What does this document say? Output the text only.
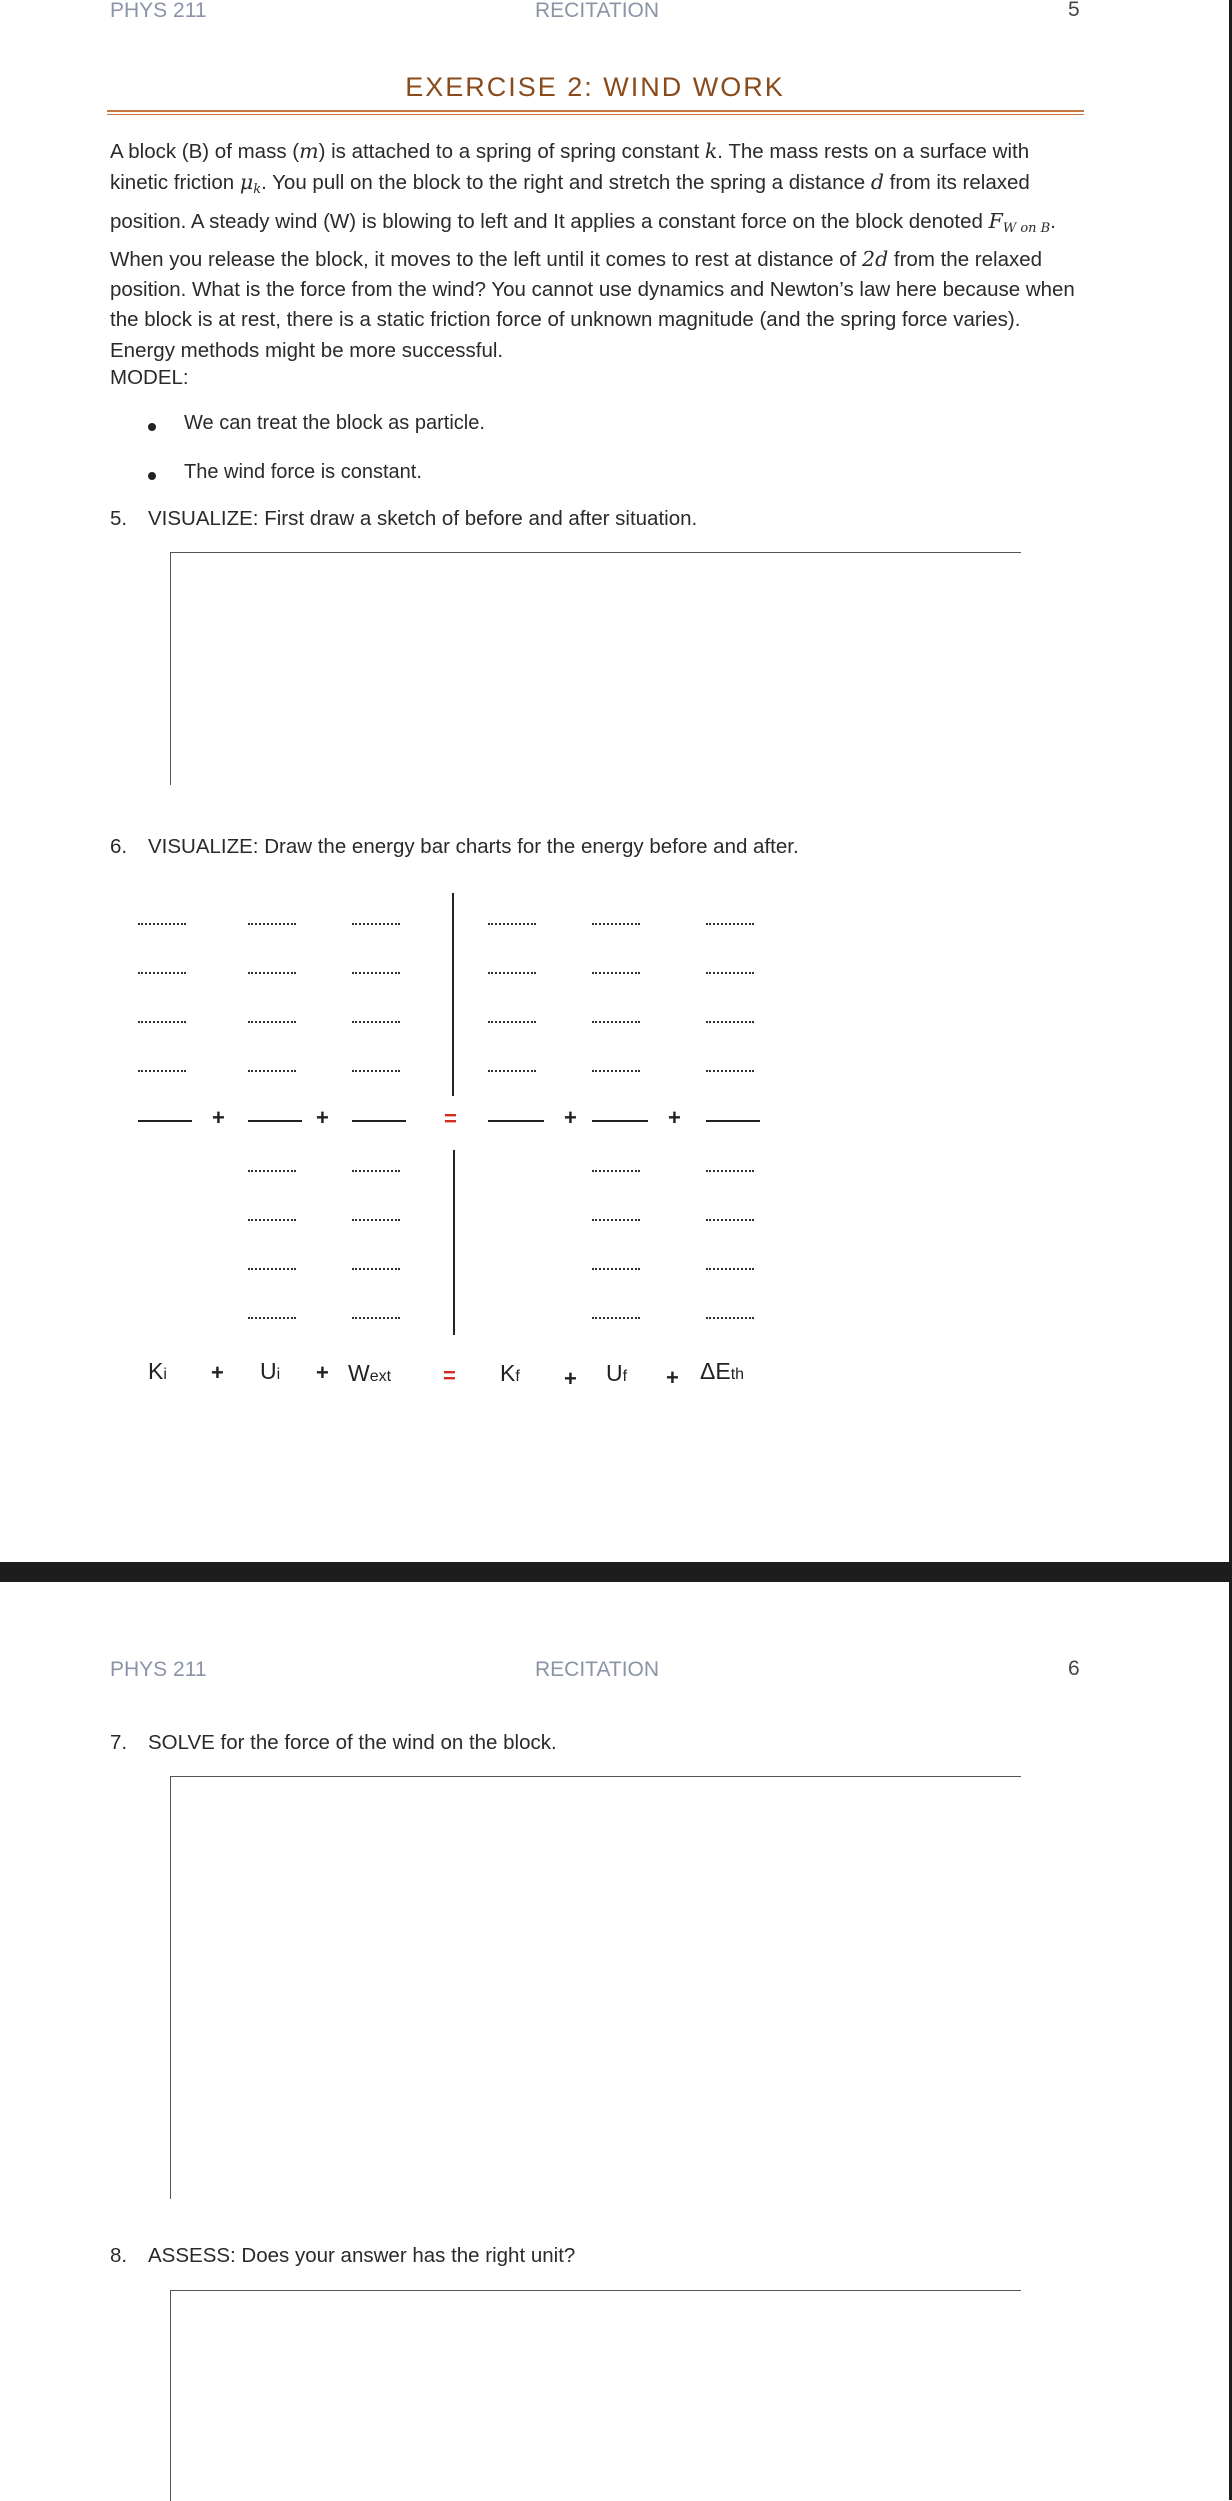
PHYS 211	RECITATION	5
EXERCISE 2: WIND WORK
A block (B) of mass (m) is attached to a spring of spring constant k. The mass rests on a surface with kinetic friction $\mu_k$. You pull on the block to the right and stretch the spring a distance d from its relaxed position. A steady wind (W) is blowing to left and It applies a constant force on the block denoted $F_{W on B}$. When you release the block, it moves to the left until it comes to rest at distance of 2d from the relaxed position. What is the force from the wind? You cannot use dynamics and Newton’s law here because when the block is at rest, there is a static friction force of unknown magnitude (and the spring force varies). Energy methods might be more successful.
MODEL:
We can treat the block as particle.
The wind force is constant.
5. VISUALIZE: First draw a sketch of before and after situation.
6. VISUALIZE: Draw the energy bar charts for the energy before and after.
+	+	=	+	+
Ki + Ui + Wext = Kf + Uf + ΔEth
PHYS 211	RECITATION	6
7. SOLVE for the force of the wind on the block.
8. ASSESS: Does your answer has the right unit?
